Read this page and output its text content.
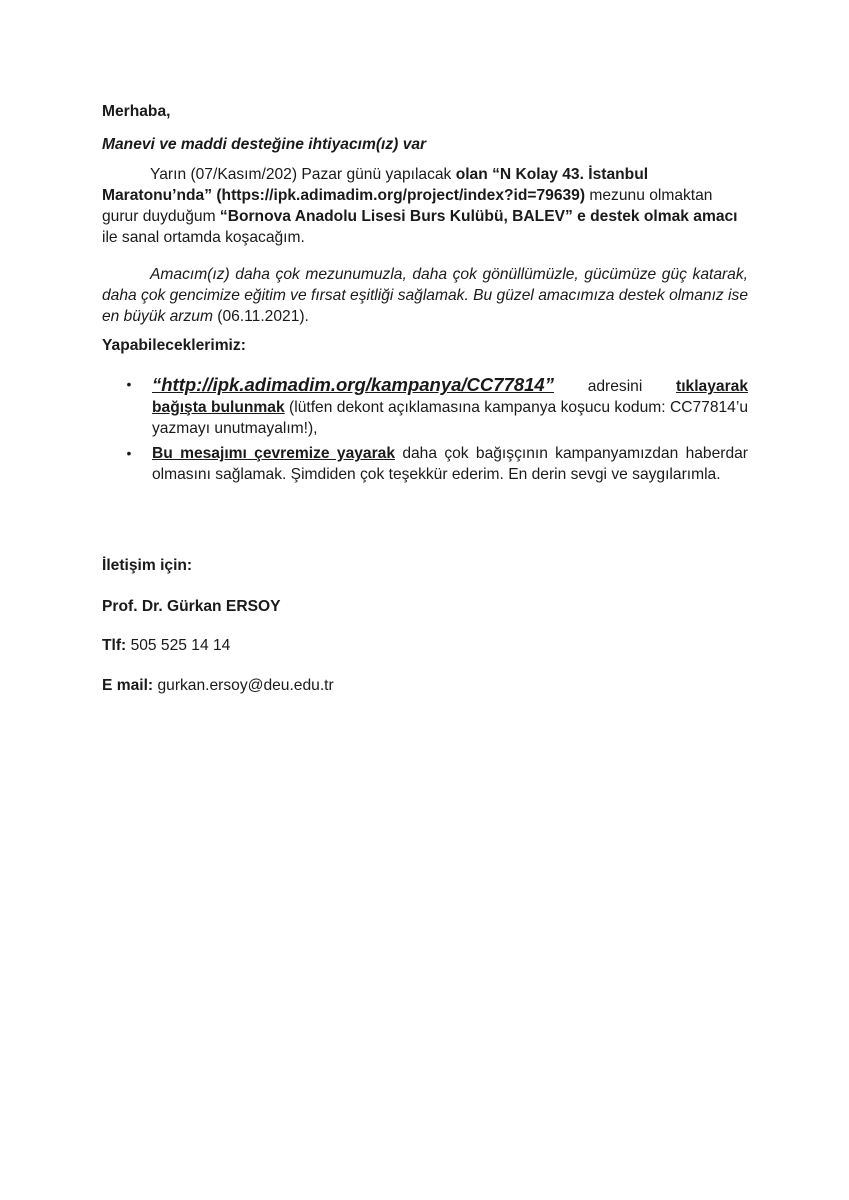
Merhaba,
Manevi ve maddi desteğine ihtiyacım(ız) var
Yarın (07/Kasım/202) Pazar günü yapılacak olan “N Kolay 43. İstanbul Maratonu’nda” (https://ipk.adimadim.org/project/index?id=79639) mezunu olmaktan gurur duyduğum “Bornova Anadolu Lisesi Burs Kulübü, BALEV” e destek olmak amacı ile sanal ortamda koşacağım.
Amacım(ız) daha çok mezunumuzla, daha çok gönüllümüzle, gücümüze güç katarak, daha çok gencimize eğitim ve fırsat eşitliği sağlamak. Bu güzel amacımıza destek olmanız ise en büyük arzum (06.11.2021).
Yapabileceklerimiz:
• “http://ipk.adimadim.org/kampanya/CC77814” adresini tıklayarak bağışta bulunmak (lütfen dekont açıklamasına kampanya koşucu kodum: CC77814’u yazmayı unutmayalım!),
• Bu mesajımı çevremize yayarak daha çok bağışçının kampanyamızdan haberdar olmasını sağlamak. Şimdiden çok teşekkür ederim. En derin sevgi ve saygılarımla.
İletişim için:
Prof. Dr. Gürkan ERSOY
Tlf: 505 525 14 14
E mail: gurkan.ersoy@deu.edu.tr
